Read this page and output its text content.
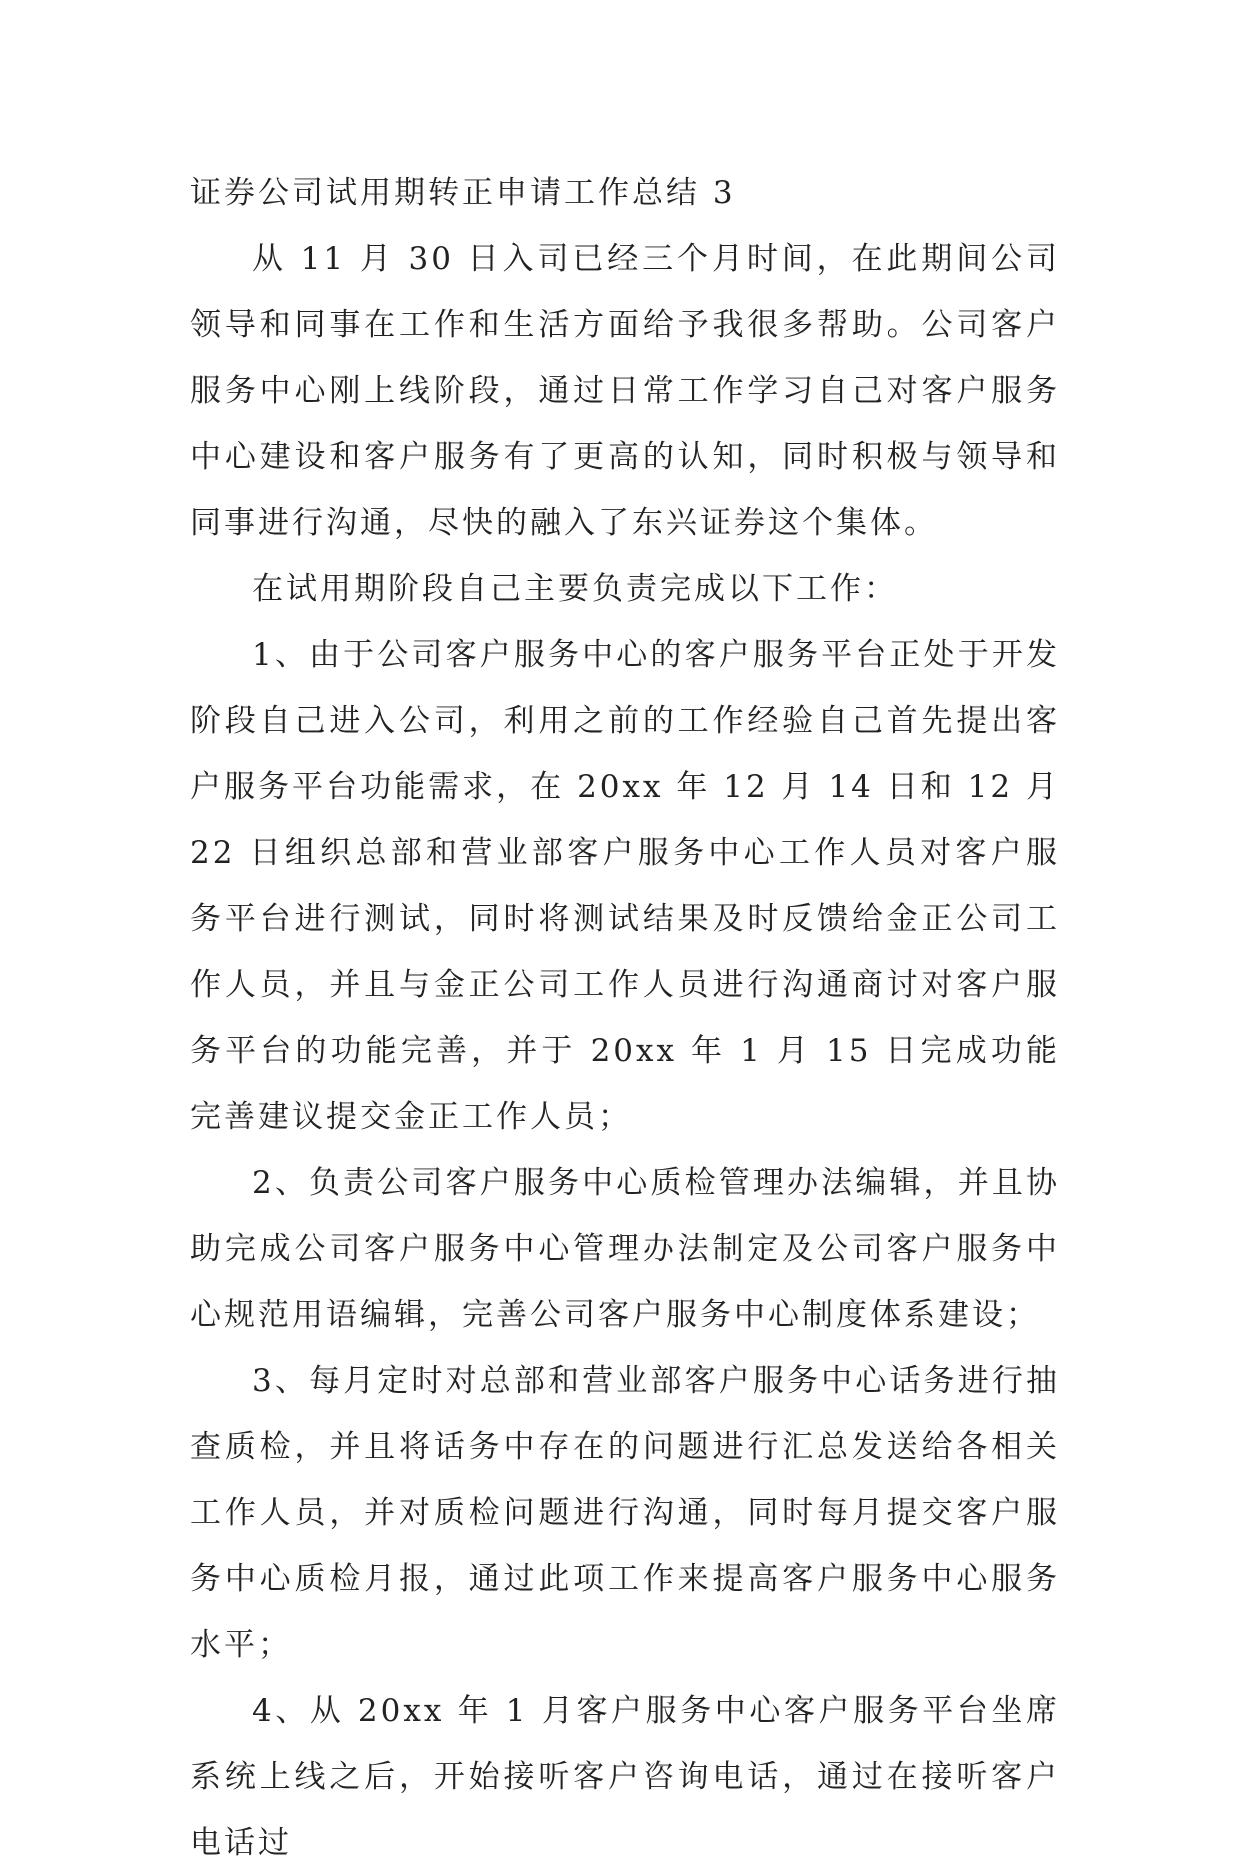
证券公司试用期转正申请工作总结 3

从 11 月 30 日入司已经三个月时间，在此期间公司领导和同事在工作和生活方面给予我很多帮助。公司客户服务中心刚上线阶段，通过日常工作学习自己对客户服务中心建设和客户服务有了更高的认知，同时积极与领导和同事进行沟通，尽快的融入了东兴证券这个集体。

在试用期阶段自己主要负责完成以下工作：

1、由于公司客户服务中心的客户服务平台正处于开发阶段自己进入公司，利用之前的工作经验自己首先提出客户服务平台功能需求，在 20xx 年 12 月 14 日和 12 月 22 日组织总部和营业部客户服务中心工作人员对客户服务平台进行测试，同时将测试结果及时反馈给金正公司工作人员，并且与金正公司工作人员进行沟通商讨对客户服务平台的功能完善，并于 20xx 年 1 月 15 日完成功能完善建议提交金正工作人员；

2、负责公司客户服务中心质检管理办法编辑，并且协助完成公司客户服务中心管理办法制定及公司客户服务中心规范用语编辑，完善公司客户服务中心制度体系建设；

3、每月定时对总部和营业部客户服务中心话务进行抽查质检，并且将话务中存在的问题进行汇总发送给各相关工作人员，并对质检问题进行沟通，同时每月提交客户服务中心质检月报，通过此项工作来提高客户服务中心服务水平；

4、从 20xx 年 1 月客户服务中心客户服务平台坐席系统上线之后，开始接听客户咨询电话，通过在接听客户电话过
